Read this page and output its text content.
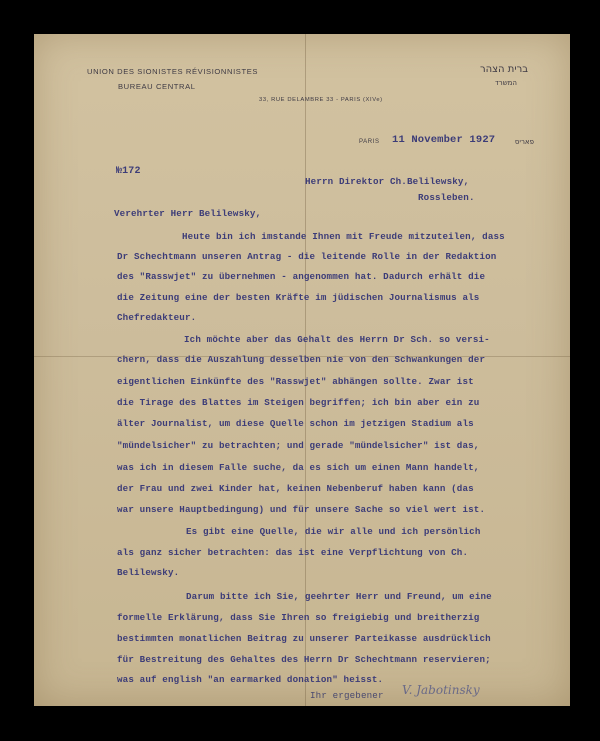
UNION DES SIONISTES RÉVISIONNISTES
BUREAU CENTRAL
33, RUE DELAMBRE 33 - PARIS (XIVe)
ברית הצהר
המשרד
PARIS 11 November 1927	פאריס
№172
Herrn Direktor Ch.Belilewsky,
Rossleben.
Verehrter Herr Belilewsky,
Heute bin ich imstande Ihnen mit Freude mitzuteilen, dass
Dr Schechtmann unseren Antrag - die leitende Rolle in der Redaktion
des "Rasswjet" zu übernehmen - angenommen hat. Dadurch erhält die
die Zeitung eine der besten Kräfte im jüdischen Journalismus als
Chefredakteur.
Ich möchte aber das Gehalt des Herrn Dr Sch. so versi-
chern, dass die Auszahlung desselben nie von den Schwankungen der
eigentlichen Einkünfte des "Rasswjet" abhängen sollte. Zwar ist
die Tirage des Blattes im Steigen begriffen; ich bin aber ein zu
älter Journalist, um diese Quelle schon im jetzigen Stadium als
"mündelsicher" zu betrachten; und gerade "mündelsicher" ist das,
was ich in diesem Falle suche, da es sich um einen Mann handelt,
der Frau und zwei Kinder hat, keinen Nebenberuf haben kann (das
war unsere Hauptbedingung) und für unsere Sache so viel wert ist.
Es gibt eine Quelle, die wir alle und ich persönlich
als ganz sicher betrachten: das ist eine Verpflichtung von Ch.
Belilewsky.
Darum bitte ich Sie, geehrter Herr und Freund, um eine
formelle Erklärung, dass Sie Ihren so freigiebig und breitherzig
bestimmten monatlichen Beitrag zu unserer Parteikasse ausdrücklich
für Bestreitung des Gehaltes des Herrn Dr Schechtmann reservieren;
was auf english "an earmarked donation" heisst.
Ihr ergebener V. Jabotinsky
